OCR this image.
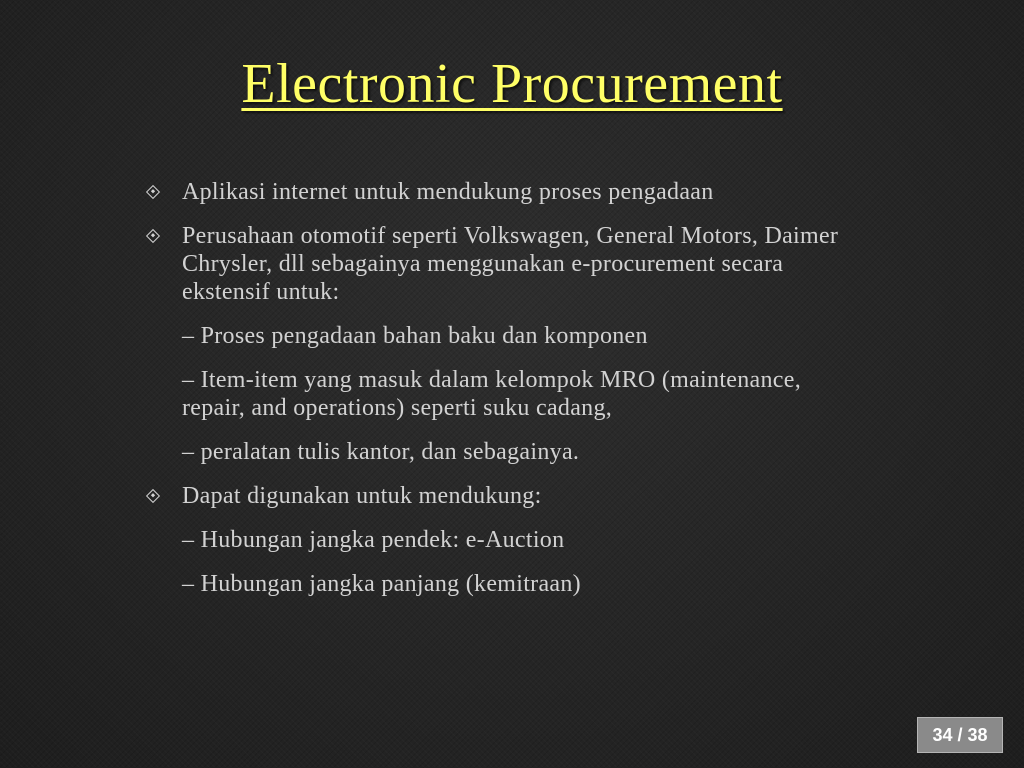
Electronic Procurement
Aplikasi internet untuk mendukung proses pengadaan
Perusahaan otomotif seperti Volkswagen, General Motors, Daimer Chrysler, dll sebagainya menggunakan e-procurement secara ekstensif untuk:
– Proses pengadaan bahan baku dan komponen
– Item-item yang masuk dalam kelompok MRO (maintenance, repair, and operations) seperti suku cadang,
– peralatan tulis kantor, dan sebagainya.
Dapat digunakan untuk mendukung:
– Hubungan jangka pendek: e-Auction
– Hubungan jangka panjang (kemitraan)
34 / 38
